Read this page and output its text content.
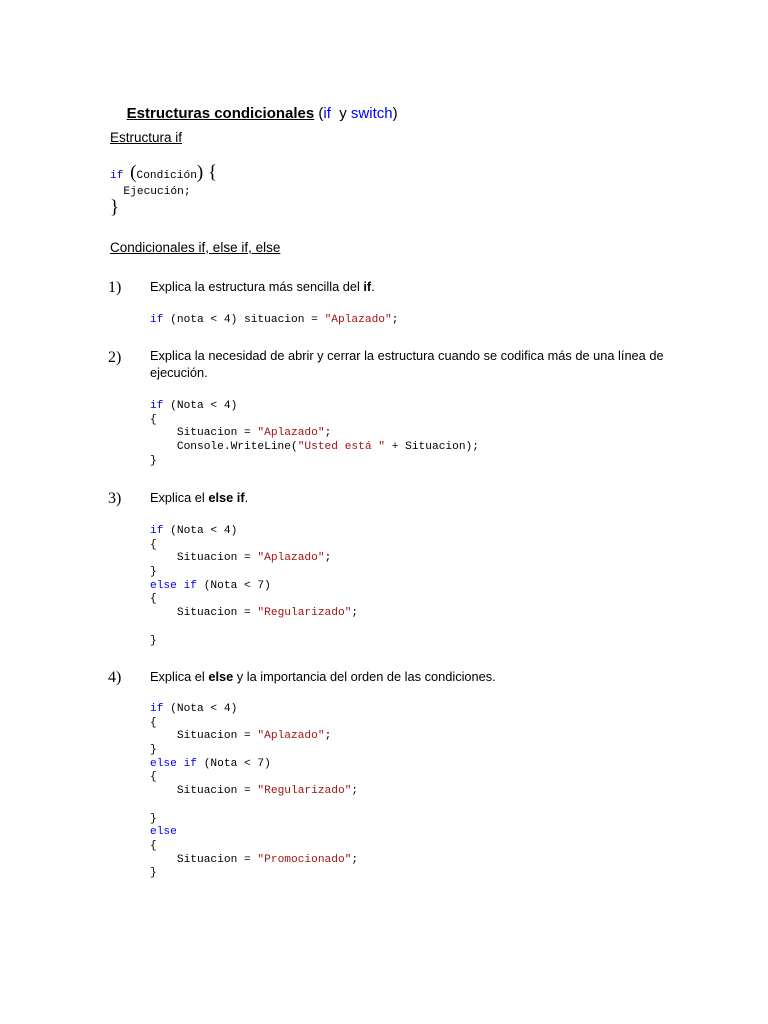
Estructuras condicionales (if  y switch)

Estructura if
if (Condición) {
Ejecución;
}
Condicionales if, else if, else
1) Explica la estructura más sencilla del if.
if (nota < 4) situacion = "Aplazado";
2) Explica la necesidad de abrir y cerrar la estructura cuando se codifica más de una línea de ejecución.
if (Nota < 4)
{
Situacion = "Aplazado";
Console.WriteLine("Usted está " + Situacion);
}
3) Explica el else if.
if (Nota < 4)
{
Situacion = "Aplazado";
}
else if (Nota < 7)
{
Situacion = "Regularizado";
}
4) Explica el else y la importancia del orden de las condiciones.
if (Nota < 4)
{
Situacion = "Aplazado";
}
else if (Nota < 7)
{
Situacion = "Regularizado";
}
else
{
Situacion = "Promocionado";
}
